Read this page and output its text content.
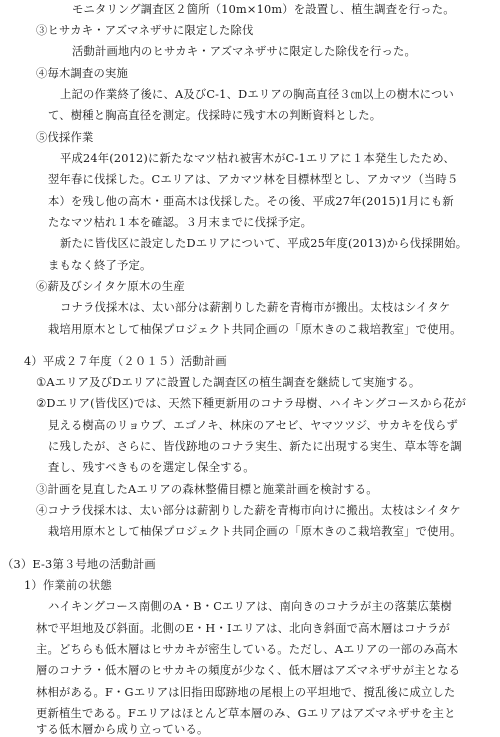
モニタリング調査区２箇所（10m×10m）を設置し、植生調査を行った。

③ヒサカキ・アズマネザサに限定した除伐

活動計画地内のヒサカキ・アズマネザサに限定した除伐を行った。

④毎木調査の実施

上記の作業終了後に、A及びC-1、Dエリアの胸高直径３㎝以上の樹木につい

て、樹種と胸高直径を測定。伐採時に残す木の判断資料とした。

⑤伐採作業

平成24年(2012)に新たなマツ枯れ被害木がC-1エリアに１本発生したため、

翌年春に伐採した。Cエリアは、アカマツ林を目標林型とし、アカマツ（当時５

本）を残し他の高木・亜高木は伐採した。その後、平成27年(2015)1月にも新

たなマツ枯れ１本を確認。３月末までに伐採予定。

新たに皆伐区に設定したDエリアについて、平成25年度(2013)から伐採開始。

まもなく終了予定。

⑥薪及びシイタケ原木の生産

コナラ伐採木は、太い部分は薪割りした薪を青梅市が搬出。太枝はシイタケ

栽培用原木として柚保プロジェクト共同企画の「原木きのこ栽培教室」で使用。

4）平成２７年度（２０１５）活動計画

①Aエリア及びDエリアに設置した調査区の植生調査を継続して実施する。

②Dエリア(皆伐区)では、天然下種更新用のコナラ母樹、ハイキングコースから花が

見える樹高のリョウブ、エゴノキ、林床のアセビ、ヤマツツジ、サカキを伐らず

に残したが、さらに、皆伐跡地のコナラ実生、新たに出現する実生、草本等を調

査し、残すべきものを選定し保全する。

③計画を見直したAエリアの森林整備目標と施業計画を検討する。

④コナラ伐採木は、太い部分は薪割りした薪を青梅市向けに搬出。太枝はシイタケ

栽培用原木として柚保プロジェクト共同企画の「原木きのこ栽培教室」で使用。

（3）E-3第３号地の活動計画

1）作業前の状態

ハイキングコース南側のA・B・Cエリアは、南向きのコナラが主の落葉広葉樹

林で平坦地及び斜面。北側のE・H・Iエリアは、北向き斜面で高木層はコナラが

主。どちらも低木層はヒサカキが密生している。ただし、Aエリアの一部のみ高木

層のコナラ・低木層のヒサカキの頻度が少なく、低木層はアズマネザサが主となる

林相がある。F・Gエリアは旧指田邸跡地の尾根上の平坦地で、撹乱後に成立した

更新植生である。Fエリアはほとんど草本層のみ、Gエリアはアズマネザサを主と

する低木層から成り立っている。
